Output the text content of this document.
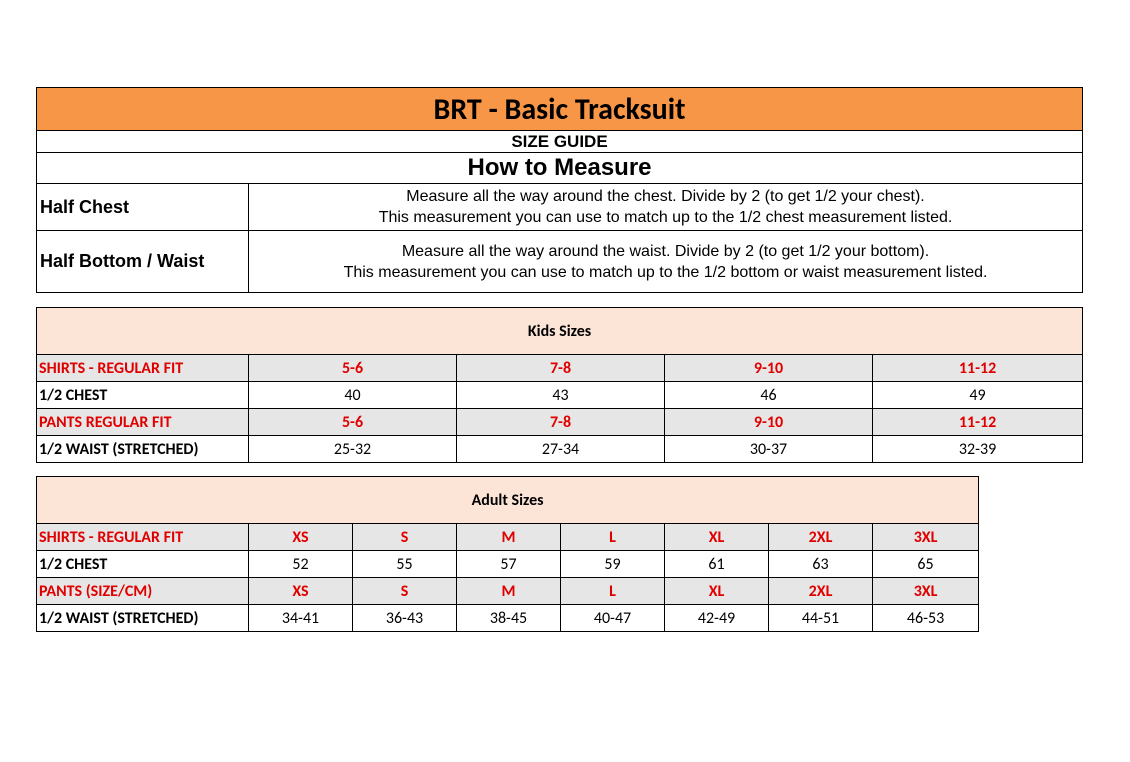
BRT - Basic Tracksuit	
SIZE GUIDE	
How to Measure	
Half Chest	Measure all the way around the chest. Divide by 2 (to get 1/2 your chest).
This measurement you can use to match up to the 1/2 chest measurement listed.

Half Bottom / Waist	Measure all the way around the waist. Divide by 2 (to get 1/2 your bottom).
This measurement you can use to match up to the 1/2 bottom or waist measurement listed.
Kids Sizes				
SHIRTS - REGULAR FIT	5-6	7-8	9-10	11-12
1/2 CHEST	40	43	46	49
PANTS REGULAR FIT	5-6	7-8	9-10	11-12
1/2 WAIST (STRETCHED)	25-32	27-34	30-37	32-39
Adult Sizes							
SHIRTS - REGULAR FIT	XS	S	M	L	XL	2XL	3XL
1/2 CHEST	52	55	57	59	61	63	65
PANTS (SIZE/CM)	XS	S	M	L	XL	2XL	3XL
1/2 WAIST (STRETCHED)	34-41	36-43	38-45	40-47	42-49	44-51	46-53
